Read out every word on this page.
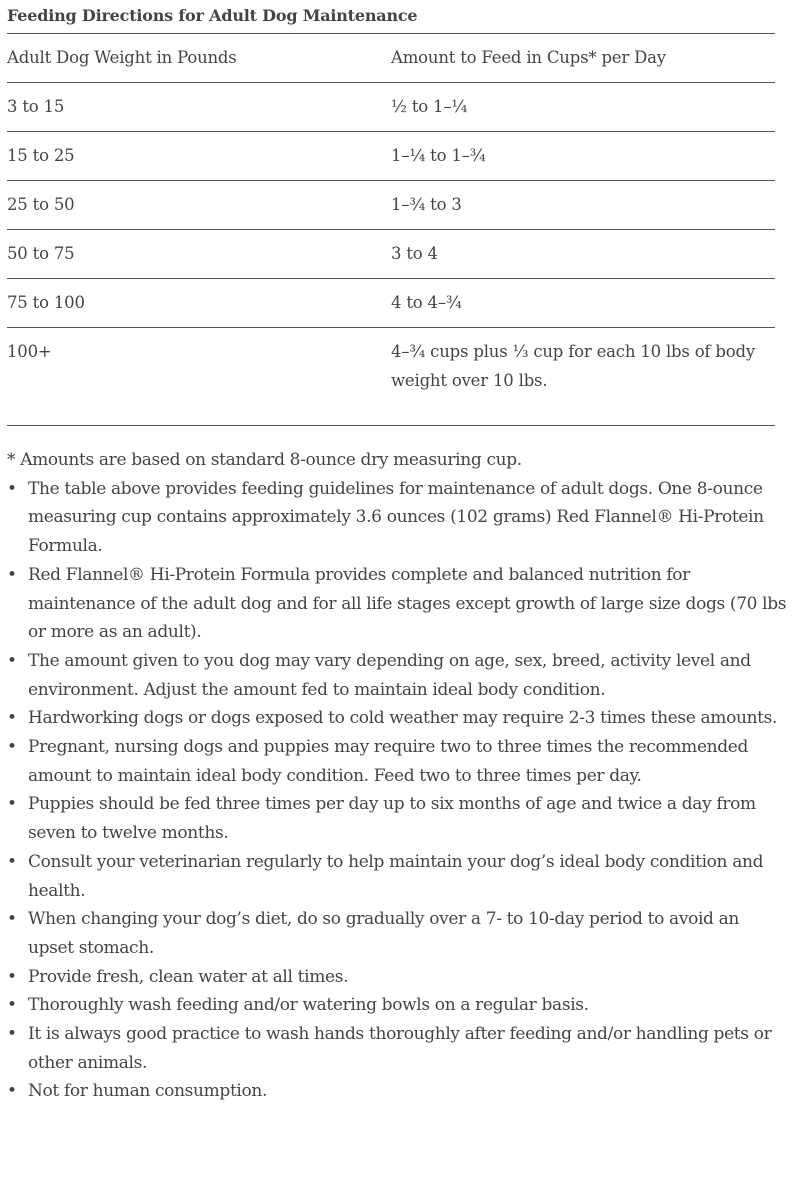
Feeding Directions for Adult Dog Maintenance
Adult Dog Weight in Pounds	Amount to Feed in Cups* per Day
3 to 15	½ to 1–¼
15 to 25	1–¼ to 1–¾
25 to 50	1–¾ to 3
50 to 75	3 to 4
75 to 100	4 to 4–¾
100+	4–¾ cups plus ⅓ cup for each 10 lbs of body weight over 10 lbs.

* Amounts are based on standard 8-ounce dry measuring cup.

• The table above provides feeding guidelines for maintenance of adult dogs. One 8-ounce measuring cup contains approximately 3.6 ounces (102 grams) Red Flannel® Hi-Protein Formula.
• Red Flannel® Hi-Protein Formula provides complete and balanced nutrition for maintenance of the adult dog and for all life stages except growth of large size dogs (70 lbs or more as an adult).
• The amount given to you dog may vary depending on age, sex, breed, activity level and environment. Adjust the amount fed to maintain ideal body condition.
• Hardworking dogs or dogs exposed to cold weather may require 2-3 times these amounts.
• Pregnant, nursing dogs and puppies may require two to three times the recommended amount to maintain ideal body condition. Feed two to three times per day.
• Puppies should be fed three times per day up to six months of age and twice a day from seven to twelve months.
• Consult your veterinarian regularly to help maintain your dog’s ideal body condition and health.
• When changing your dog’s diet, do so gradually over a 7- to 10-day period to avoid an upset stomach.
• Provide fresh, clean water at all times.
• Thoroughly wash feeding and/or watering bowls on a regular basis.
• It is always good practice to wash hands thoroughly after feeding and/or handling pets or other animals.
• Not for human consumption.
